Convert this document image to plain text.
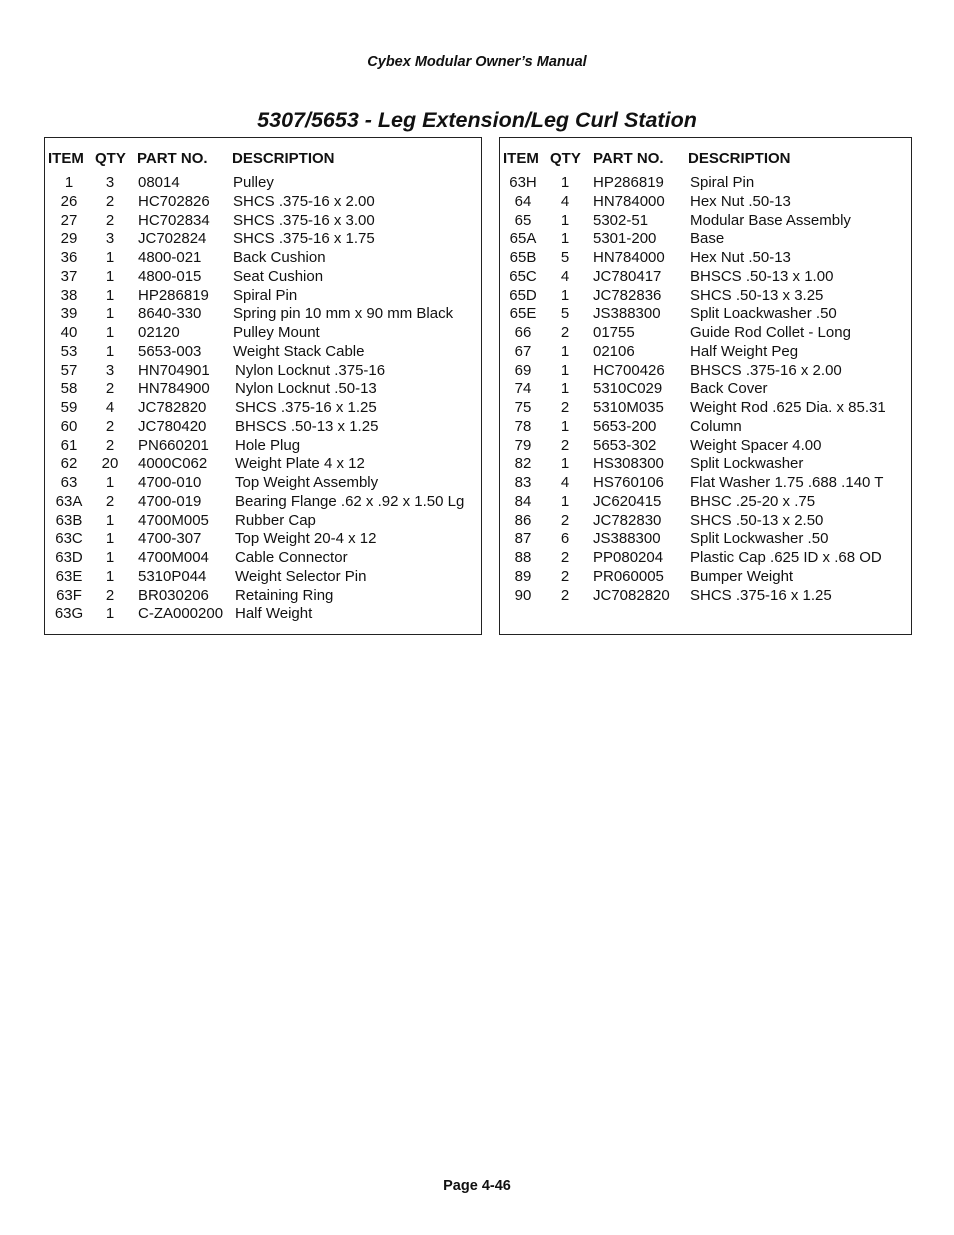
Cybex Modular Owner’s Manual
5307/5653 - Leg Extension/Leg Curl Station
ITEM QTY PART NO. DESCRIPTION
1	3	08014	Pulley
26	2	HC702826 SHCS .375-16 x 2.00
27	2	HC702834 SHCS .375-16 x 3.00
29	3	JC702824 SHCS .375-16 x 1.75
36	1	4800-021 Back Cushion
37	1	4800-015 Seat Cushion
38	1	HP286819 Spiral Pin
39	1	8640-330 Spring pin 10 mm x 90 mm Black
40	1	02120	Pulley Mount
53	1	5653-003 Weight Stack Cable
57	3	HN704901 Nylon Locknut .375-16
58	2	HN784900 Nylon Locknut .50-13
59	4	JC782820 SHCS .375-16 x 1.25
60	2	JC780420 BHSCS .50-13 x 1.25
61	2	PN660201 Hole Plug
62	20	4000C062 Weight Plate 4 x 12
63	1	4700-010 Top Weight Assembly
63A	2	4700-019 Bearing Flange .62 x .92 x 1.50 Lg
63B	1	4700M005 Rubber Cap
63C	1	4700-307 Top Weight 20-4 x 12
63D	1	4700M004 Cable Connector
63E	1	5310P044 Weight Selector Pin
63F	2	BR030206 Retaining Ring
63G	1	C-ZA000200 Half Weight
ITEM QTY PART NO. DESCRIPTION
63H	1	HP286819 Spiral Pin
64	4	HN784000 Hex Nut .50-13
65	1	5302-51	Modular Base Assembly
65A	1	5301-200 Base
65B	5	HN784000 Hex Nut .50-13
65C	4	JC780417 BHSCS .50-13 x 1.00
65D	1	JC782836 SHCS .50-13 x 3.25
65E	5	JS388300 Split Loackwasher .50
66	2	01755	Guide Rod Collet - Long
67	1	02106	Half Weight Peg
69	1	HC700426 BHSCS .375-16 x 2.00
74	1	5310C029 Back Cover
75	2	5310M035 Weight Rod .625 Dia. x 85.31
78	1	5653-200 Column
79	2	5653-302 Weight Spacer 4.00
82	1	HS308300 Split Lockwasher
83	4	HS760106 Flat Washer 1.75 .688 .140 T
84	1	JC620415 BHSC .25-20 x .75
86	2	JC782830 SHCS .50-13 x 2.50
87	6	JS388300 Split Lockwasher .50
88	2	PP080204 Plastic Cap .625 ID x .68 OD
89	2	PR060005 Bumper Weight
90	2	JC7082820 SHCS .375-16 x 1.25
Page 4-46
